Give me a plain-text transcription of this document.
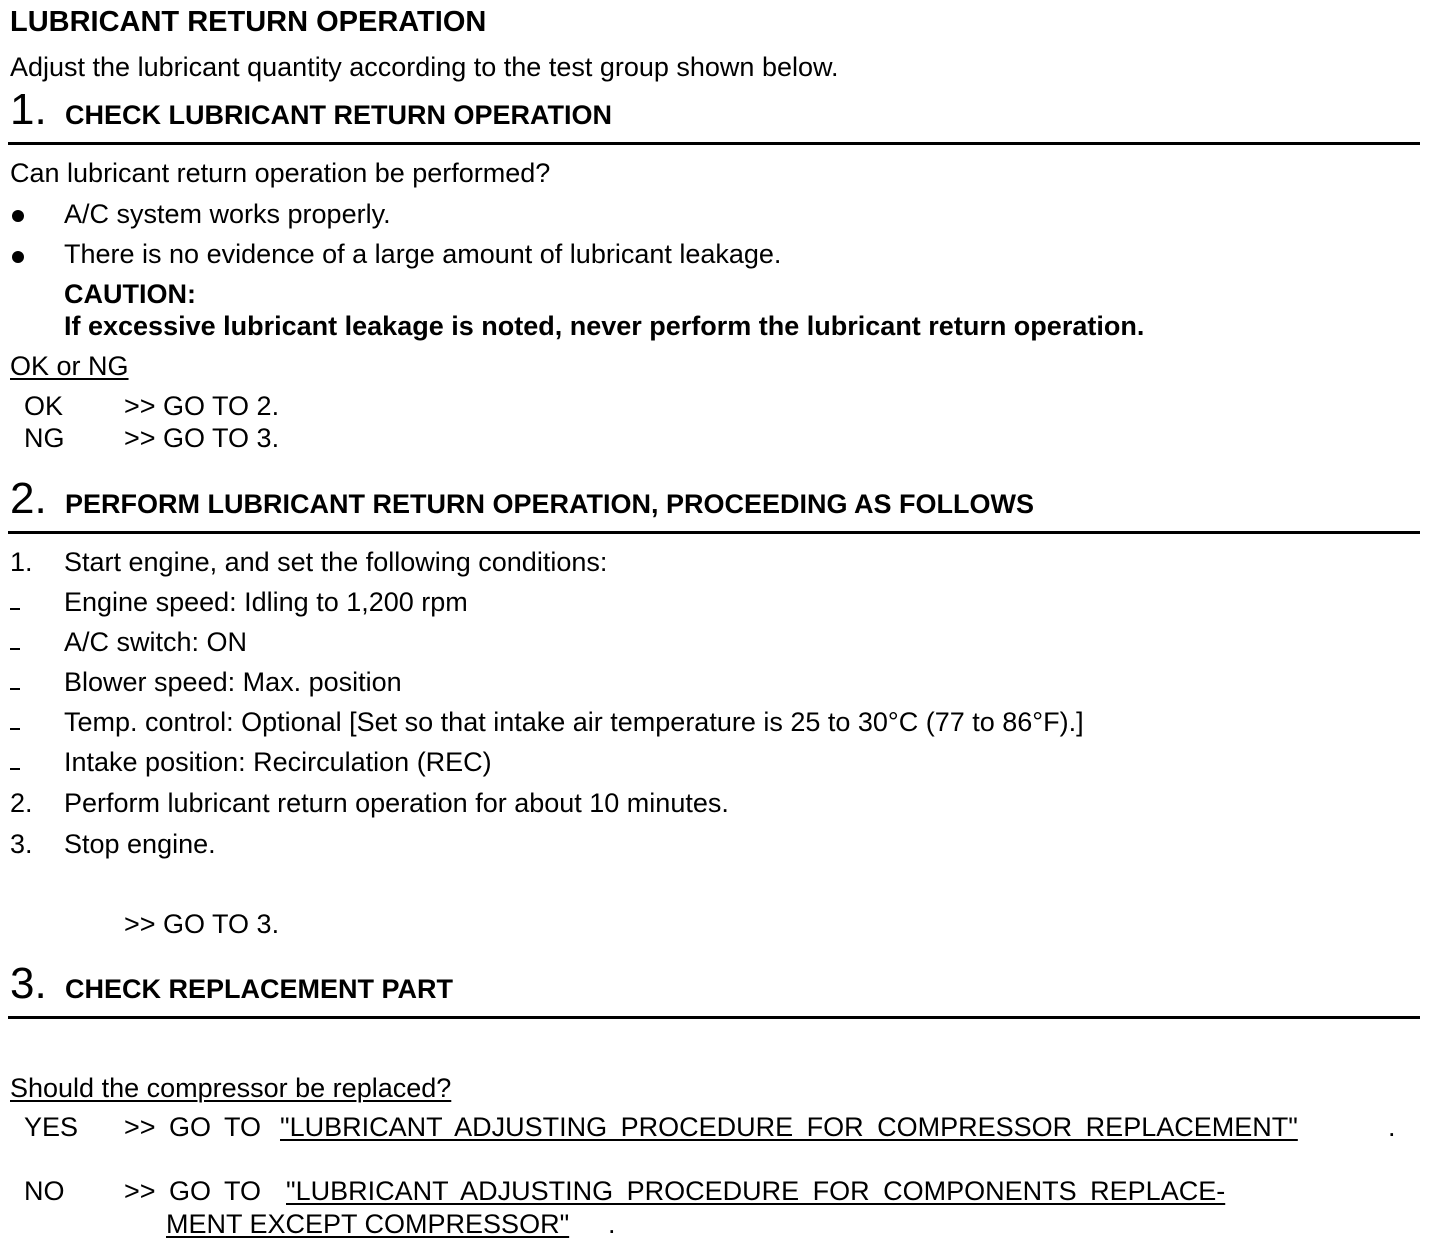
LUBRICANT RETURN OPERATION
Adjust the lubricant quantity according to the test group shown below.
1. CHECK LUBRICANT RETURN OPERATION
Can lubricant return operation be performed?
A/C system works properly.
There is no evidence of a large amount of lubricant leakage.
CAUTION:
If excessive lubricant leakage is noted, never perform the lubricant return operation.
OK or NG
OK >> GO TO 2.
NG >> GO TO 3.
2. PERFORM LUBRICANT RETURN OPERATION, PROCEEDING AS FOLLOWS
1. Start engine, and set the following conditions:
Engine speed: Idling to 1,200 rpm
A/C switch: ON
Blower speed: Max. position
Temp. control: Optional [Set so that intake air temperature is 25 to 30°C (77 to 86°F).]
Intake position: Recirculation (REC)
2. Perform lubricant return operation for about 10 minutes.
3. Stop engine.
>> GO TO 3.
3. CHECK REPLACEMENT PART
Should the compressor be replaced?
YES >> GO TO "LUBRICANT ADJUSTING PROCEDURE FOR COMPRESSOR REPLACEMENT"	.
NO >> GO TO "LUBRICANT ADJUSTING PROCEDURE FOR COMPONENTS REPLACE-
MENT EXCEPT COMPRESSOR" .
